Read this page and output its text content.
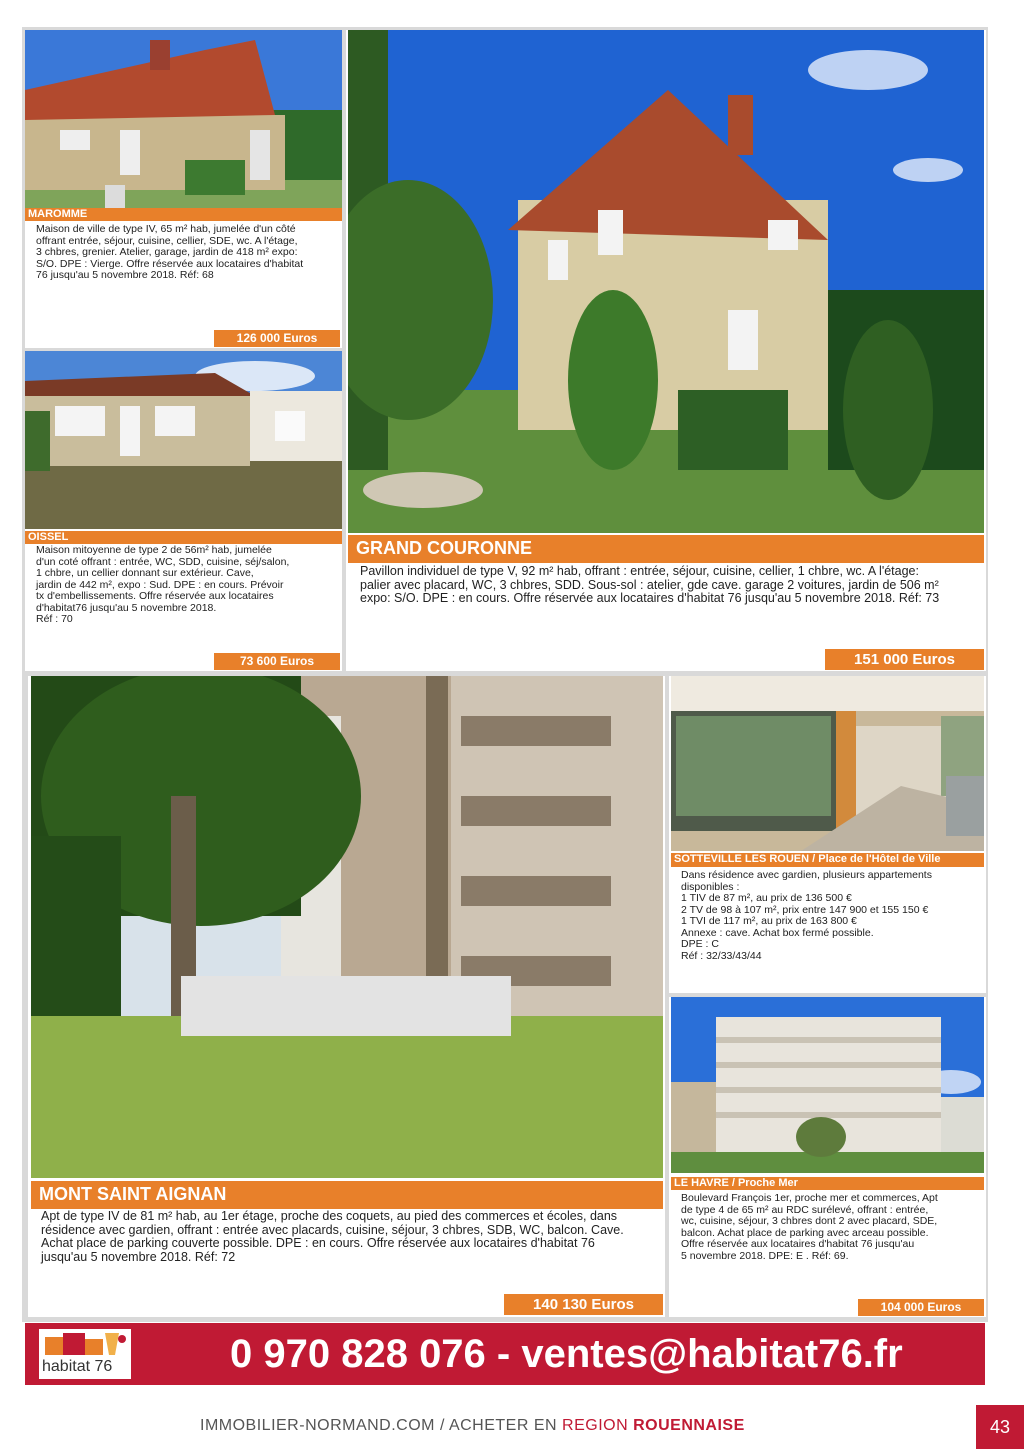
MAROMME
Maison de ville de type IV, 65 m² hab, jumelée d'un côté
offrant entrée, séjour, cuisine, cellier, SDE, wc. A l'étage,
3 chbres, grenier. Atelier, garage, jardin de 418 m² expo:
S/O. DPE : Vierge. Offre réservée aux locataires d'habitat
76 jusqu'au 5 novembre 2018. Réf: 68
126 000 Euros
OISSEL
Maison mitoyenne de type 2 de 56m² hab, jumelée
d'un coté offrant : entrée, WC, SDD, cuisine, séj/salon,
1 chbre, un cellier donnant sur extérieur. Cave,
jardin de 442 m², expo : Sud. DPE : en cours. Prévoir
tx d'embellissements. Offre réservée aux locataires
d'habitat76 jusqu'au 5 novembre 2018.
Réf : 70
73 600 Euros
GRAND COURONNE
Pavillon individuel de type V, 92 m² hab, offrant : entrée, séjour, cuisine, cellier, 1 chbre, wc. A l'étage:
palier avec placard, WC, 3 chbres, SDD. Sous-sol : atelier, gde cave. garage 2 voitures, jardin de 506 m²
expo: S/O. DPE : en cours. Offre réservée aux locataires d'habitat 76 jusqu'au 5 novembre 2018. Réf: 73
151 000 Euros
MONT SAINT AIGNAN
Apt de type IV de 81 m² hab, au 1er étage, proche des coquets, au pied des commerces et écoles, dans
résidence avec gardien, offrant : entrée avec placards, cuisine, séjour, 3 chbres, SDB, WC, balcon. Cave.
Achat place de parking couverte possible. DPE : en cours. Offre réservée aux locataires d'habitat 76
jusqu'au 5 novembre 2018. Réf: 72
140 130 Euros
SOTTEVILLE LES ROUEN / Place de l'Hôtel de Ville
Dans résidence avec gardien, plusieurs appartements
disponibles :
1 TIV de 87 m², au prix de 136 500 €
2 TV de 98 à 107 m², prix entre 147 900 et 155 150 €
1 TVI de 117 m², au prix de 163 800 €
Annexe : cave. Achat box fermé possible.
DPE : C
Réf : 32/33/43/44
LE HAVRE / Proche Mer
Boulevard François 1er, proche mer et commerces, Apt
de type 4 de 65 m² au RDC surélevé, offrant : entrée,
wc, cuisine, séjour, 3 chbres dont 2 avec placard, SDE,
balcon. Achat place de parking avec arceau possible.
Offre réservée aux locataires d'habitat 76 jusqu'au
5 novembre 2018. DPE: E . Réf: 69.
104 000 Euros
habitat 76	0 970 828 076 - ventes@habitat76.fr
IMMOBILIER-NORMAND.COM / ACHETER EN REGION ROUENNAISE	43
